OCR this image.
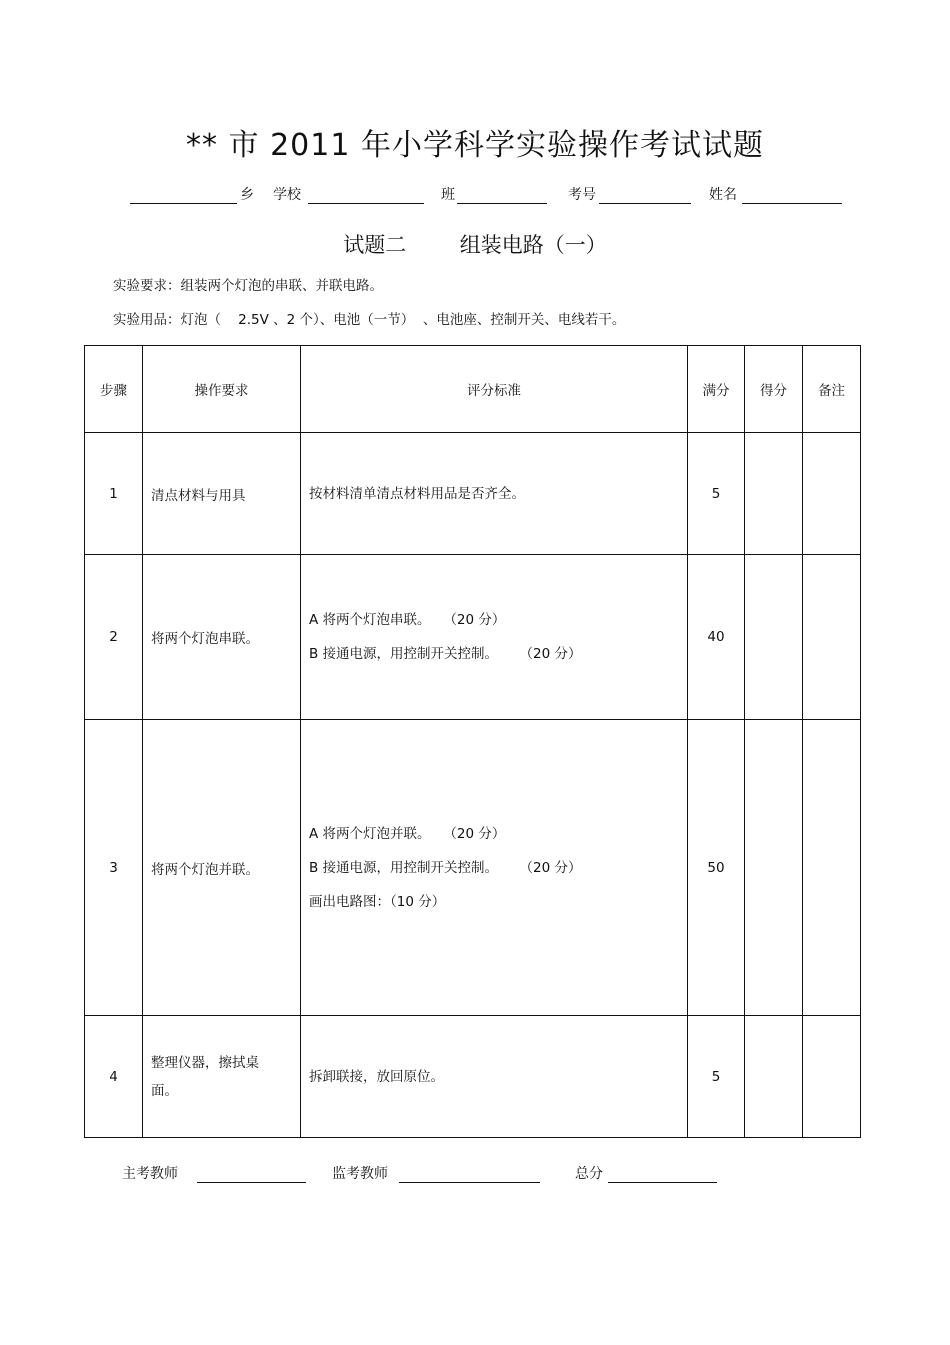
** 市 2011 年小学科学实验操作考试试题
乡 学校	班	考号	姓名
试题二        组装电路（一）
实验要求：组装两个灯泡的串联、并联电路。
实验用品：灯泡（    2.5V 、2 个）、电池（一节）  、电池座、控制开关、电线若干。
步骤	操作要求	评分标准	满分	得分	备注
1	清点材料与用具	按材料清单清点材料用品是否齐全。	5		
2	将两个灯泡串联。	A 将两个灯泡串联。   （20 分）
B 接通电源，用控制开关控制。     （20 分）	40		
3	将两个灯泡并联。	A 将两个灯泡并联。   （20 分）
B 接通电源，用控制开关控制。     （20 分）
画出电路图：（10 分）	50		
4	整理仪器，擦拭桌面。	拆卸联接，放回原位。	5		
主考教师	监考教师	总分
